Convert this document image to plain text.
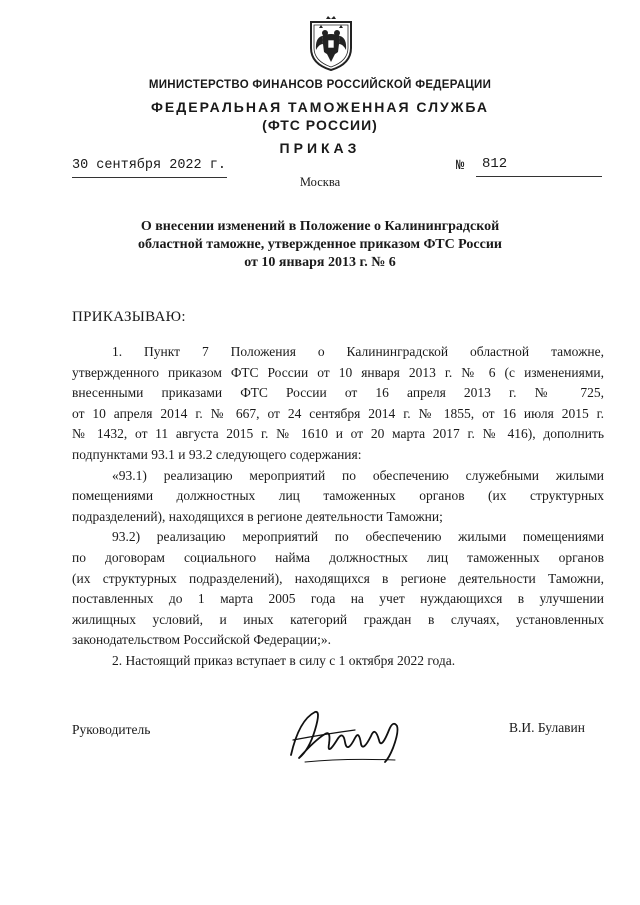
МИНИСТЕРСТВО ФИНАНСОВ РОССИЙСКОЙ ФЕДЕРАЦИИ
ФЕДЕРАЛЬНАЯ ТАМОЖЕННАЯ СЛУЖБА
(ФТС РОССИИ)
ПРИКАЗ
30 сентября 2022 г.	№ 812
Москва
О внесении изменений в Положение о Калининградской
областной таможне, утвержденное приказом ФТС России
от 10 января 2013 г. № 6
ПРИКАЗЫВАЮ:
1. Пункт 7 Положения о Калининградской областной таможне,
утвержденного приказом ФТС России от 10 января 2013 г. № 6 (с изменениями,
внесенными приказами ФТС России от 16 апреля 2013 г. № 725,
от 10 апреля 2014 г. № 667, от 24 сентября 2014 г. № 1855, от 16 июля 2015 г.
№ 1432, от 11 августа 2015 г. № 1610 и от 20 марта 2017 г. № 416), дополнить
подпунктами 93.1 и 93.2 следующего содержания:
«93.1) реализацию мероприятий по обеспечению служебными жилыми
помещениями должностных лиц таможенных органов (их структурных
подразделений), находящихся в регионе деятельности Таможни;
93.2) реализацию мероприятий по обеспечению жилыми помещениями
по договорам социального найма должностных лиц таможенных органов
(их структурных подразделений), находящихся в регионе деятельности Таможни,
поставленных до 1 марта 2005 года на учет нуждающихся в улучшении
жилищных условий, и иных категорий граждан в случаях, установленных
законодательством Российской Федерации;».
2. Настоящий приказ вступает в силу с 1 октября 2022 года.
Руководитель	В.И. Булавин
